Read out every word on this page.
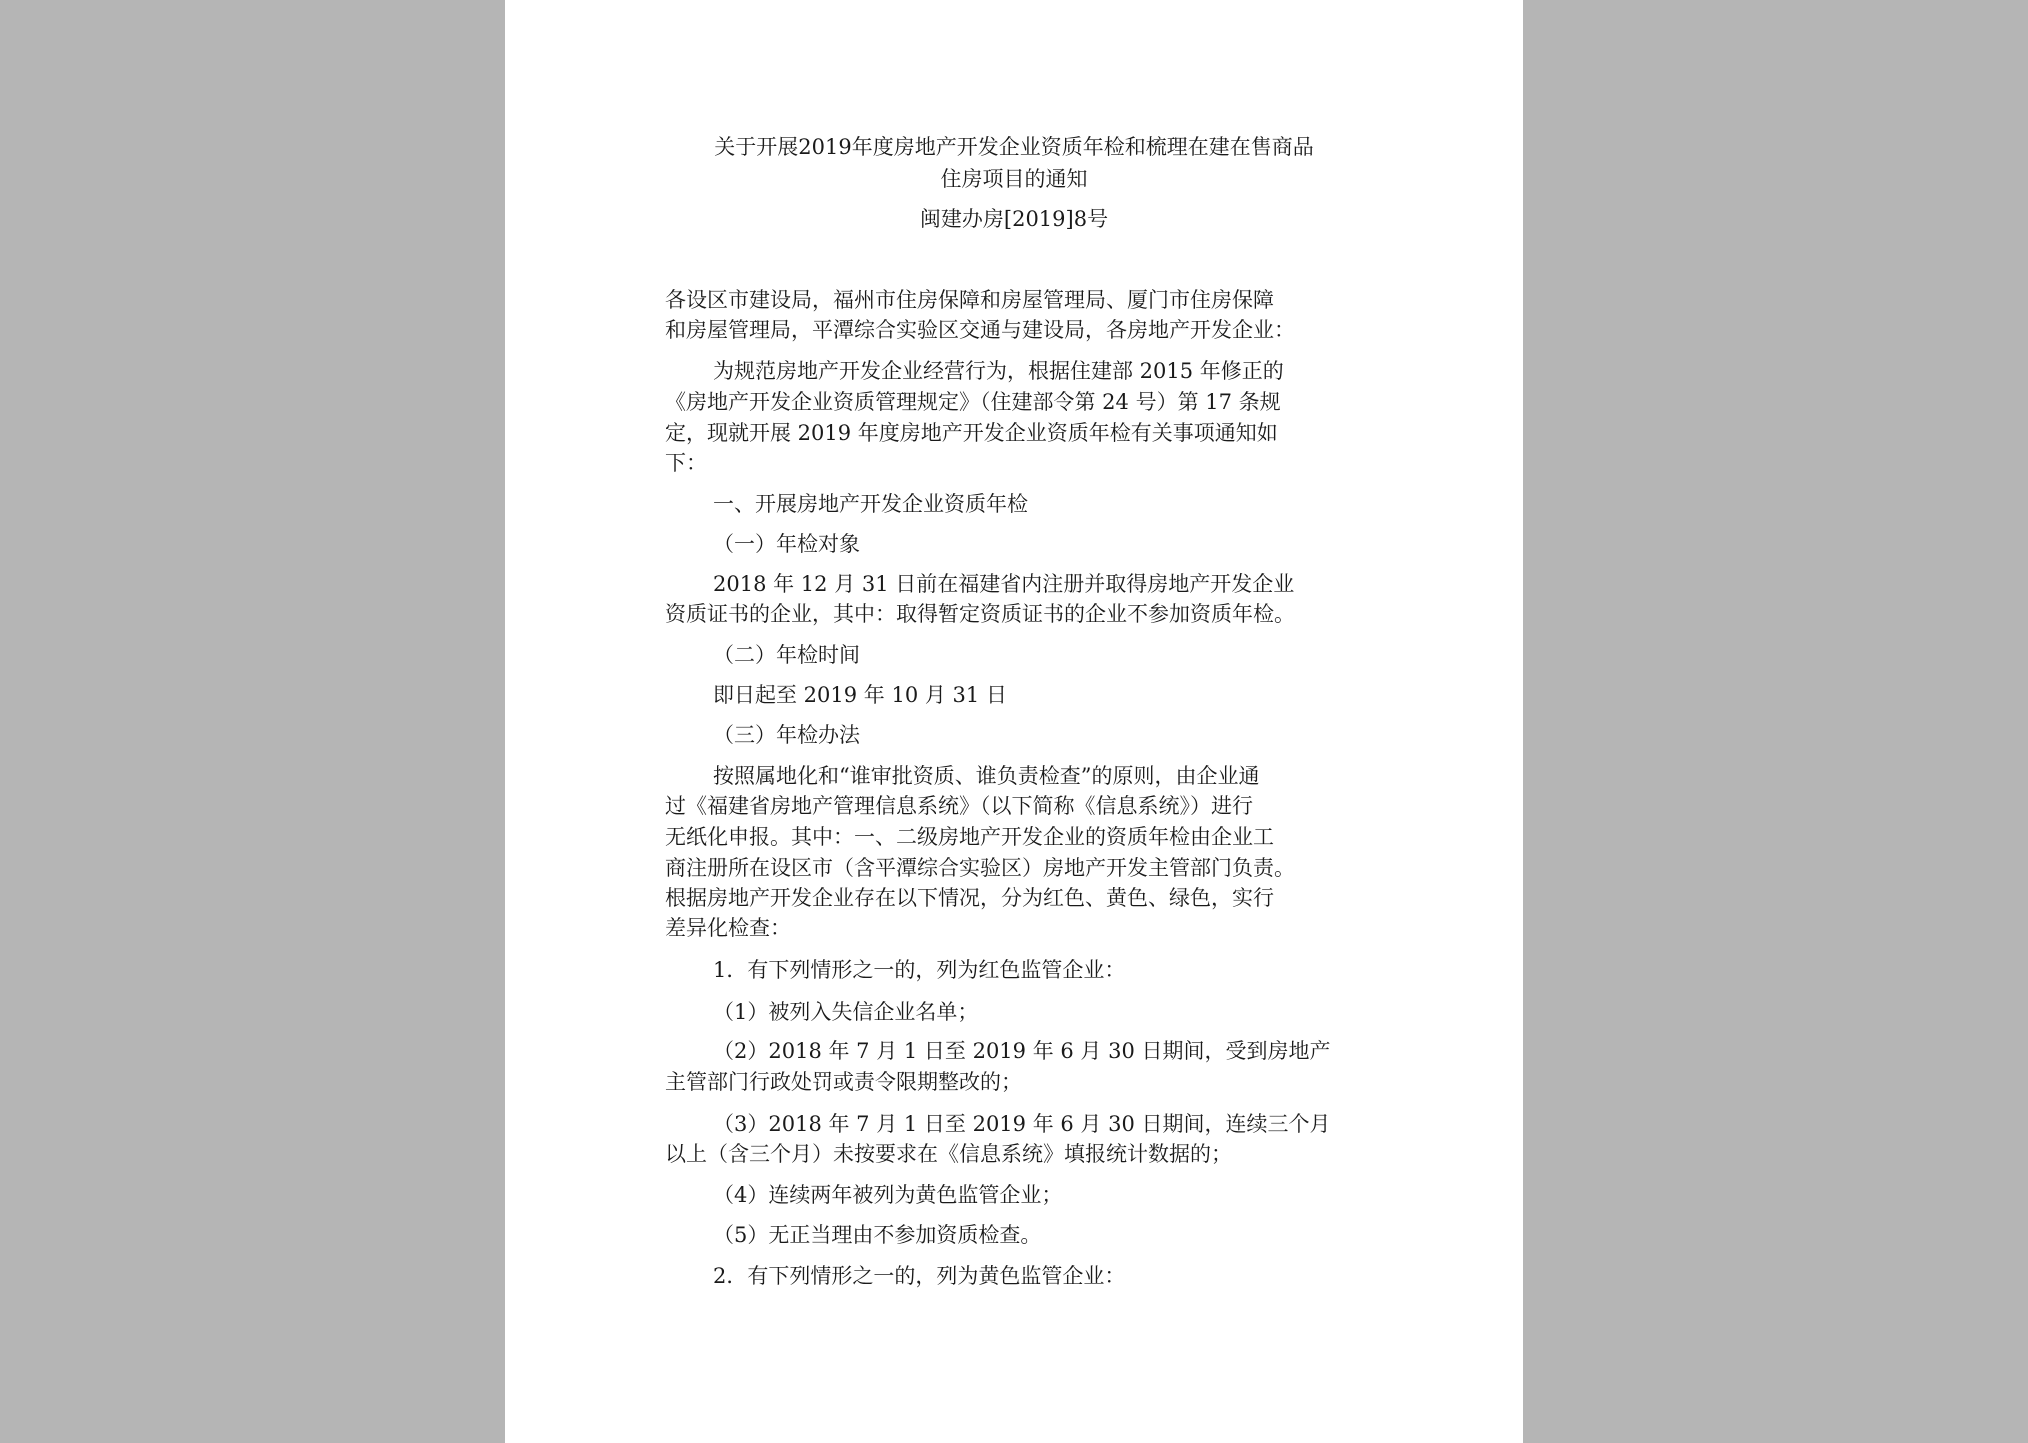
关于开展2019年度房地产开发企业资质年检和梳理在建在售商品
住房项目的通知
闽建办房[2019]8号
各设区市建设局，福州市住房保障和房屋管理局、厦门市住房保障
和房屋管理局，平潭综合实验区交通与建设局，各房地产开发企业：
为规范房地产开发企业经营行为，根据住建部 2015 年修正的
《房地产开发企业资质管理规定》（住建部令第 24 号）第 17 条规
定，现就开展 2019 年度房地产开发企业资质年检有关事项通知如
下：
一、开展房地产开发企业资质年检
（一）年检对象
2018 年 12 月 31 日前在福建省内注册并取得房地产开发企业
资质证书的企业，其中：取得暂定资质证书的企业不参加资质年检。
（二）年检时间
即日起至 2019 年 10 月 31 日
（三）年检办法
按照属地化和“谁审批资质、谁负责检查”的原则，由企业通
过《福建省房地产管理信息系统》（以下简称《信息系统》）进行
无纸化申报。其中：一、二级房地产开发企业的资质年检由企业工
商注册所在设区市（含平潭综合实验区）房地产开发主管部门负责。
根据房地产开发企业存在以下情况，分为红色、黄色、绿色，实行
差异化检查：
1．有下列情形之一的，列为红色监管企业：
（1）被列入失信企业名单；
（2）2018 年 7 月 1 日至 2019 年 6 月 30 日期间，受到房地产
主管部门行政处罚或责令限期整改的；
（3）2018 年 7 月 1 日至 2019 年 6 月 30 日期间，连续三个月
以上（含三个月）未按要求在《信息系统》填报统计数据的；
（4）连续两年被列为黄色监管企业；
（5）无正当理由不参加资质检查。
2．有下列情形之一的，列为黄色监管企业：
